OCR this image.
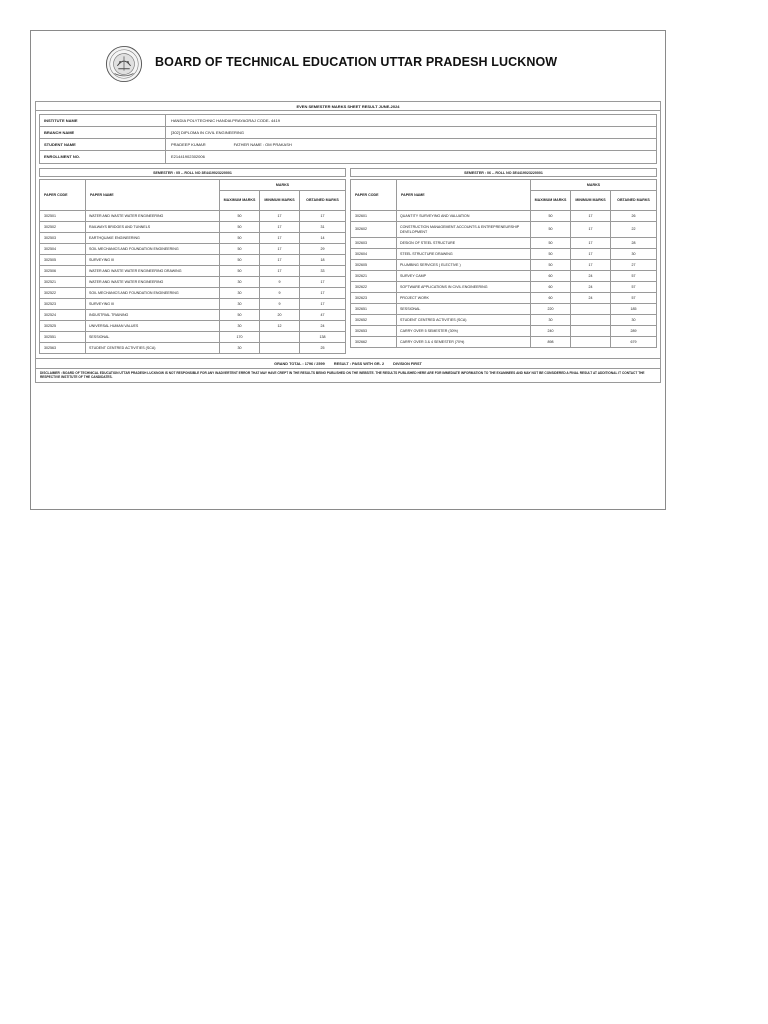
BOARD OF TECHNICAL EDUCATION UTTAR PRADESH LUCKNOW
EVEN SEMESTER MARKS SHEET RESULT JUNE-2024
INSTITUTE NAME	HANDIA POLYTECHNIC HANDIA PRAYAGRAJ CODE- 4419
BRANCH NAME	[302] DIPLOMA IN CIVIL ENGINEERING
STUDENT NAME	PRADEEP KUMAR	FATHER NAME : OM PRAKASH
ENROLLMENT NO.	E21441902302006
SEMESTER : 05 -- ROLL NO 3E4419023220001
PAPER CODE	PAPER NAME	MARKS		
		MAXIMUM MARKS	MINIMUM MARKS	OBTAINED MARKS
302501	WATER AND WASTE WATER ENGINEERING	50	17	17
302502	RAILWAYS BRIDGES AND TUNNELS	50	17	31
302503	EARTHQUAKE ENGINEERING	50	17	14
302504	SOIL MECHANICS AND FOUNDATION ENGINEERING	50	17	29
302505	SURVEYING III	50	17	18
302506	WATER AND WASTE WATER ENGINEERING DRAWING	50	17	33
302521	WATER AND WASTE WATER ENGINEERING	30	9	17
302522	SOIL MECHANICS AND FOUNDATION ENGINEERING	30	9	17
302523	SURVEYING III	30	9	17
302524	INDUSTRIAL TRAINING	50	20	47
302525	UNIVERSAL HUMAN VALUES	30	12	24
302551	SESSIONAL	170		138
302563	STUDENT CENTRED ACTIVITIES (SCA)	30		25
SEMESTER : 06 -- ROLL NO 3E4419023220001
PAPER CODE	PAPER NAME	MARKS		
		MAXIMUM MARKS	MINIMUM MARKS	OBTAINED MARKS
302601	QUANTITY SURVEYING AND VALUATION	50	17	26
302602	CONSTRUCTION MANAGEMENT ACCOUNTS & ENTREPRENEURSHIP DEVELOPMENT	50	17	22
302603	DESIGN OF STEEL STRUCTURE	50	17	28
302604	STEEL STRUCTURE DRAWING	50	17	30
302605	PLUMBING SERVICES ( ELECTIVE )	50	17	27
302621	SURVEY CAMP	60	24	57
302622	SOFTWARE APPLICATIONS IN CIVIL ENGINEERING	60	24	57
302623	PROJECT WORK	60	24	57
302651	SESSIONAL	220		185
302652	STUDENT CENTRED ACTIVITIES (SCA)	30		30
302653	CARRY OVER 5 SEMESTER (30%)	240		289
302662	CARRY OVER 3 & 4 SEMESTER (70%)	898		679
GRAND TOTAL : 1796 / 2599 RESULT : PASS WITH GR- 2 DIVISION FIRST
DISCLAIMER : BOARD OF TECHNICAL EDUCATION UTTAR PRADESH LUCKNOW IS NOT RESPONSIBLE FOR ANY INADVERTENT ERROR THAT MAY HAVE CREPT IN THE RESULTS BEING PUBLISHED ON THE WEBSITE. THE RESULTS PUBLISHED HERE ARE FOR IMMEDIATE INFORMATION TO THE EXAMINEES AND MAY NOT BE CONSIDERED A FINAL RESULT AT ADDITIONAL IT CONTACT THE RESPECTIVE INSTITUTE OF THE CANDIDATES.
